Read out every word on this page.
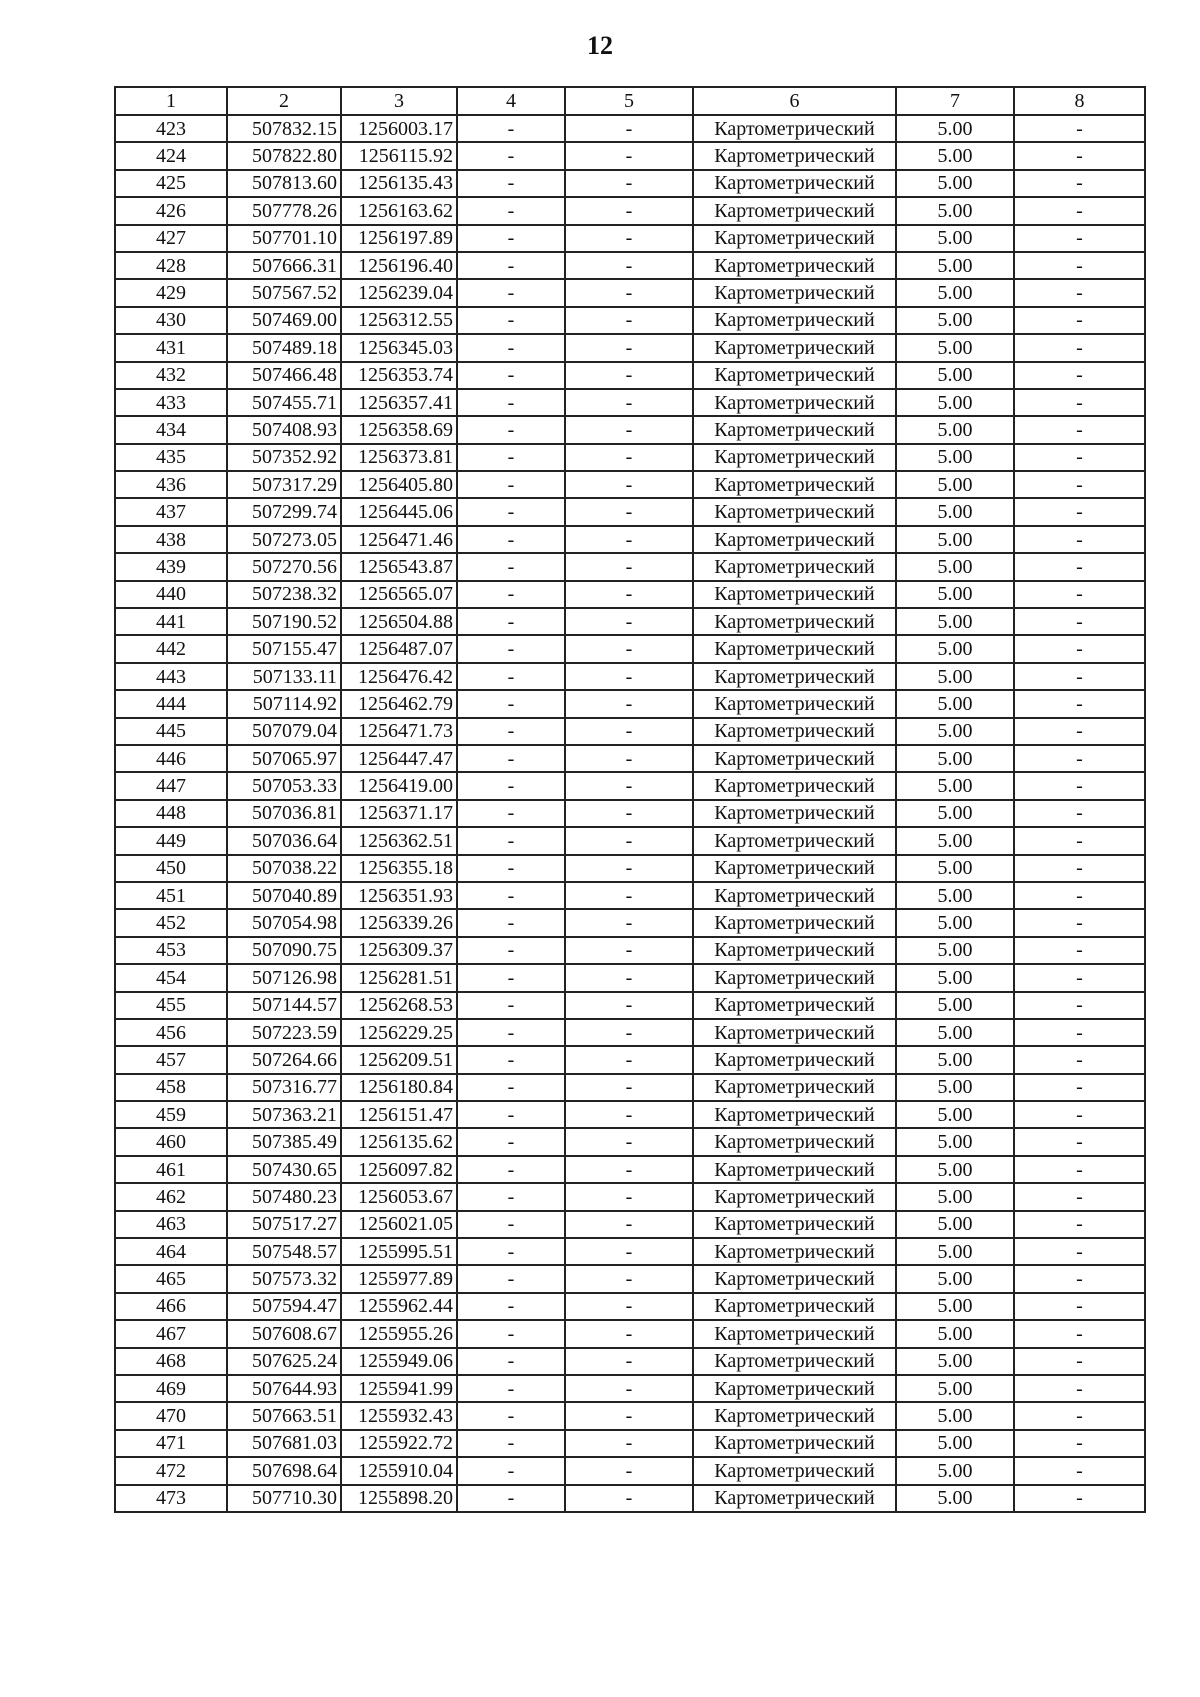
12
1	2	3	4	5	6	7	8
423	507832.15	1256003.17	-	-	Картометрический	5.00	-
424	507822.80	1256115.92	-	-	Картометрический	5.00	-
425	507813.60	1256135.43	-	-	Картометрический	5.00	-
426	507778.26	1256163.62	-	-	Картометрический	5.00	-
427	507701.10	1256197.89	-	-	Картометрический	5.00	-
428	507666.31	1256196.40	-	-	Картометрический	5.00	-
429	507567.52	1256239.04	-	-	Картометрический	5.00	-
430	507469.00	1256312.55	-	-	Картометрический	5.00	-
431	507489.18	1256345.03	-	-	Картометрический	5.00	-
432	507466.48	1256353.74	-	-	Картометрический	5.00	-
433	507455.71	1256357.41	-	-	Картометрический	5.00	-
434	507408.93	1256358.69	-	-	Картометрический	5.00	-
435	507352.92	1256373.81	-	-	Картометрический	5.00	-
436	507317.29	1256405.80	-	-	Картометрический	5.00	-
437	507299.74	1256445.06	-	-	Картометрический	5.00	-
438	507273.05	1256471.46	-	-	Картометрический	5.00	-
439	507270.56	1256543.87	-	-	Картометрический	5.00	-
440	507238.32	1256565.07	-	-	Картометрический	5.00	-
441	507190.52	1256504.88	-	-	Картометрический	5.00	-
442	507155.47	1256487.07	-	-	Картометрический	5.00	-
443	507133.11	1256476.42	-	-	Картометрический	5.00	-
444	507114.92	1256462.79	-	-	Картометрический	5.00	-
445	507079.04	1256471.73	-	-	Картометрический	5.00	-
446	507065.97	1256447.47	-	-	Картометрический	5.00	-
447	507053.33	1256419.00	-	-	Картометрический	5.00	-
448	507036.81	1256371.17	-	-	Картометрический	5.00	-
449	507036.64	1256362.51	-	-	Картометрический	5.00	-
450	507038.22	1256355.18	-	-	Картометрический	5.00	-
451	507040.89	1256351.93	-	-	Картометрический	5.00	-
452	507054.98	1256339.26	-	-	Картометрический	5.00	-
453	507090.75	1256309.37	-	-	Картометрический	5.00	-
454	507126.98	1256281.51	-	-	Картометрический	5.00	-
455	507144.57	1256268.53	-	-	Картометрический	5.00	-
456	507223.59	1256229.25	-	-	Картометрический	5.00	-
457	507264.66	1256209.51	-	-	Картометрический	5.00	-
458	507316.77	1256180.84	-	-	Картометрический	5.00	-
459	507363.21	1256151.47	-	-	Картометрический	5.00	-
460	507385.49	1256135.62	-	-	Картометрический	5.00	-
461	507430.65	1256097.82	-	-	Картометрический	5.00	-
462	507480.23	1256053.67	-	-	Картометрический	5.00	-
463	507517.27	1256021.05	-	-	Картометрический	5.00	-
464	507548.57	1255995.51	-	-	Картометрический	5.00	-
465	507573.32	1255977.89	-	-	Картометрический	5.00	-
466	507594.47	1255962.44	-	-	Картометрический	5.00	-
467	507608.67	1255955.26	-	-	Картометрический	5.00	-
468	507625.24	1255949.06	-	-	Картометрический	5.00	-
469	507644.93	1255941.99	-	-	Картометрический	5.00	-
470	507663.51	1255932.43	-	-	Картометрический	5.00	-
471	507681.03	1255922.72	-	-	Картометрический	5.00	-
472	507698.64	1255910.04	-	-	Картометрический	5.00	-
473	507710.30	1255898.20	-	-	Картометрический	5.00	-
